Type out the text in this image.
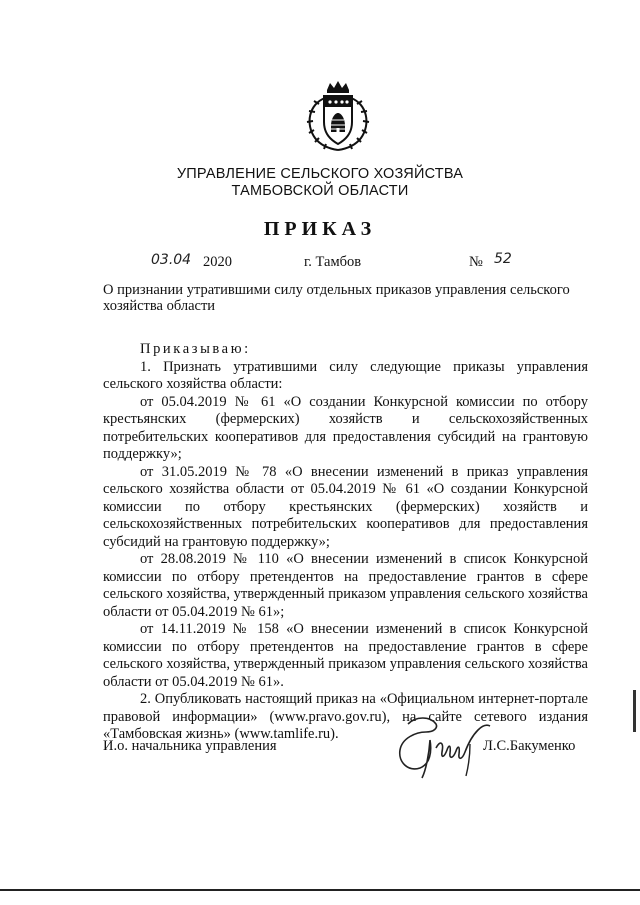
УПРАВЛЕНИЕ СЕЛЬСКОГО ХОЗЯЙСТВА
ТАМБОВСКОЙ ОБЛАСТИ
ПРИКАЗ
03.04 2020	г. Тамбов	№ 52
О признании утратившими силу отдельных приказов управления сельского хозяйства области

Приказываю:

1. Признать утратившими силу следующие приказы управления сельского хозяйства области:

от 05.04.2019 № 61 «О создании Конкурсной комиссии по отбору крестьянских (фермерских) хозяйств и сельскохозяйственных потребительских кооперативов для предоставления субсидий на грантовую поддержку»;

от 31.05.2019 № 78 «О внесении изменений в приказ управления сельского хозяйства области от 05.04.2019 № 61 «О создании Конкурсной комиссии по отбору крестьянских (фермерских) хозяйств и сельскохозяйственных потребительских кооперативов для предоставления субсидий на грантовую поддержку»;

от 28.08.2019 № 110 «О внесении изменений в список Конкурсной комиссии по отбору претендентов на предоставление грантов в сфере сельского хозяйства, утвержденный приказом управления сельского хозяйства области от 05.04.2019 № 61»;

от 14.11.2019 № 158 «О внесении изменений в список Конкурсной комиссии по отбору претендентов на предоставление грантов в сфере сельского хозяйства, утвержденный приказом управления сельского хозяйства области от 05.04.2019 № 61».

2. Опубликовать настоящий приказ на «Официальном интернет-портале правовой информации» (www.pravo.gov.ru), на сайте сетевого издания «Тамбовская жизнь» (www.tamlife.ru).

И.о. начальника управления	Л.С.Бакуменко
